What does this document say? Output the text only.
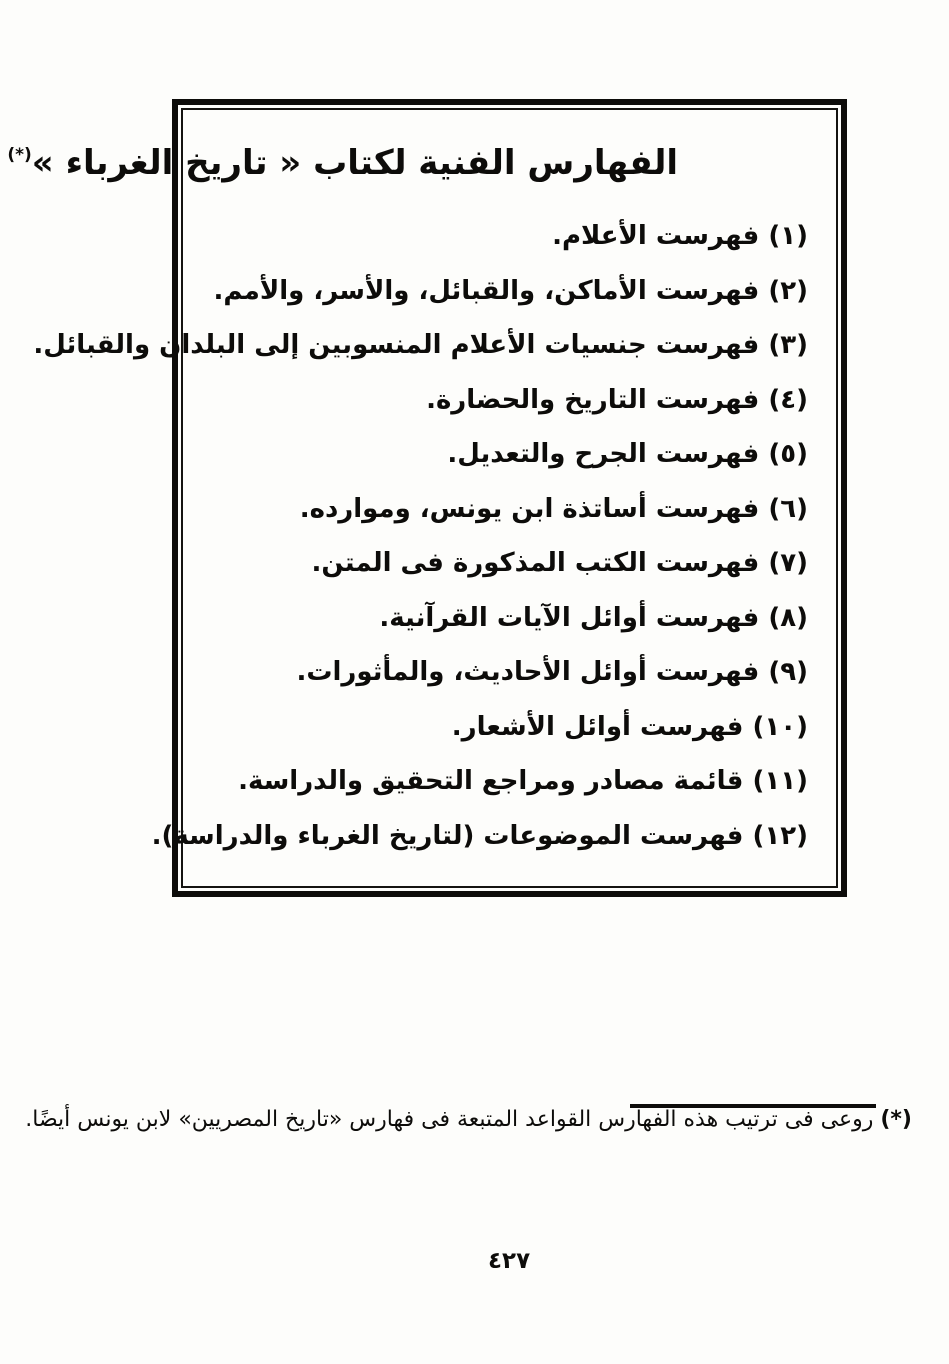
الفهارس الفنية لكتاب « تاريخ الغرباء »(*)
(١) فهرست الأعلام.
(٢) فهرست الأماكن، والقبائل، والأسر، والأمم.
(٣) فهرست جنسيات الأعلام المنسوبين إلى البلدان والقبائل.
(٤) فهرست التاريخ والحضارة.
(٥) فهرست الجرح والتعديل.
(٦) فهرست أساتذة ابن يونس، وموارده.
(٧) فهرست الكتب المذكورة فى المتن.
(٨) فهرست أوائل الآيات القرآنية.
(٩) فهرست أوائل الأحاديث، والمأثورات.
(١٠) فهرست أوائل الأشعار.
(١١) قائمة مصادر ومراجع التحقيق والدراسة.
(١٢) فهرست الموضوعات (لتاريخ الغرباء والدراسة).
(*) روعى فى ترتيب هذه الفهارس القواعد المتبعة فى فهارس «تاريخ المصريين» لابن يونس أيضًا.
٤٢٧
